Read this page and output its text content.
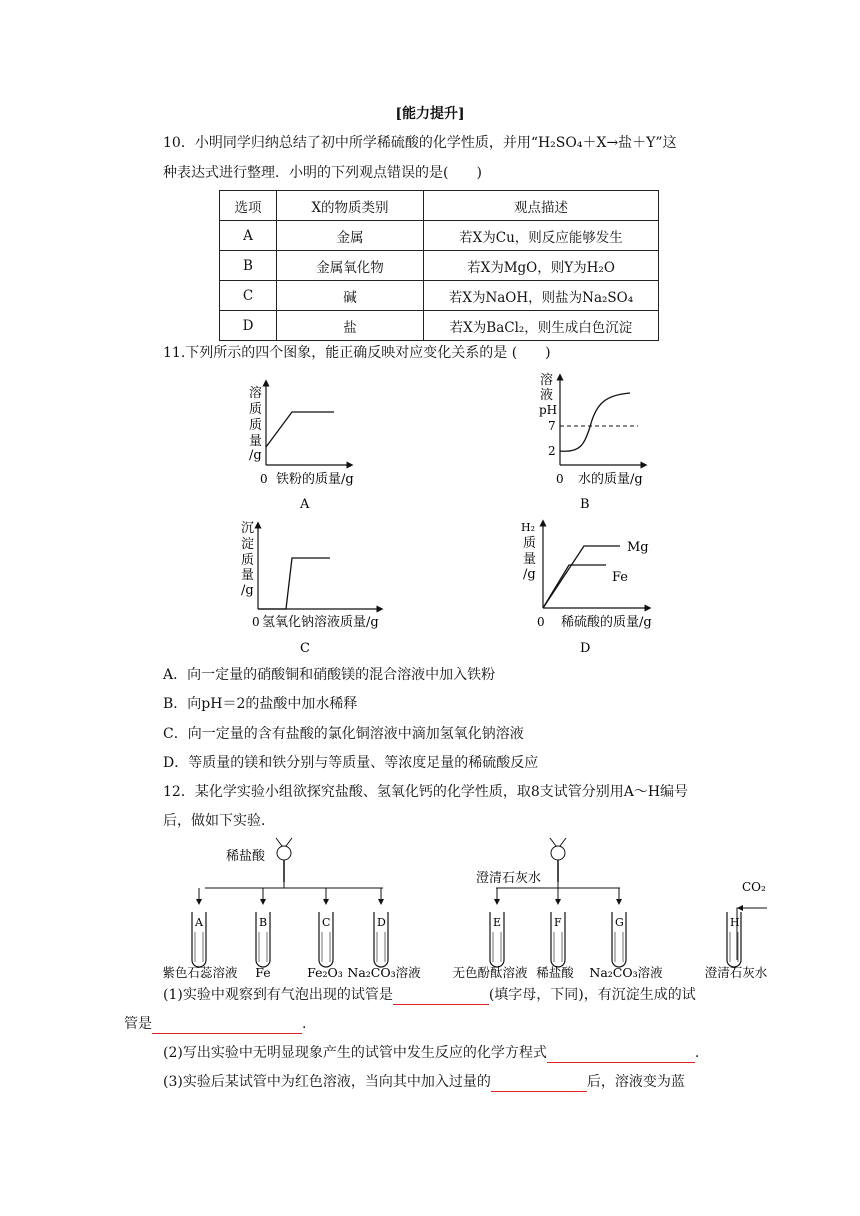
[能力提升]
10．小明同学归纳总结了初中所学稀硫酸的化学性质，并用“H₂SO₄＋X→盐＋Y”这
种表达式进行整理．小明的下列观点错误的是(　　)
选项	X的物质类别	观点描述
A	金属	若X为Cu，则反应能够发生
B	金属氧化物	若X为MgO，则Y为H₂O
C	碱	若X为NaOH，则盐为Na₂SO₄
D	盐	若X为BaCl₂，则生成白色沉淀
11.下列所示的四个图象，能正确反映对应变化关系的是 (　　)
溶
质
质
量
/g
0 铁粉的质量/g
A
溶
液
pH
7
2
0 水的质量/g
B
沉
淀
质
量
/g
0 氢氧化钠溶液质量/g
C
H₂
质
量
/g
Mg
Fe
0 稀硫酸的质量/g
D
A．向一定量的硝酸铜和硝酸镁的混合溶液中加入铁粉
B．向pH＝2的盐酸中加水稀释
C．向一定量的含有盐酸的氯化铜溶液中滴加氢氧化钠溶液
D．等质量的镁和铁分别与等质量、等浓度足量的稀硫酸反应
12．某化学实验小组欲探究盐酸、氢氧化钙的化学性质，取8支试管分别用A～H编号
后，做如下实验．
稀盐酸
澄清石灰水
CO₂
A
紫色石蕊溶液
B
Fe
C
Fe₂O₃
D
Na₂CO₃溶液
E
无色酚酞溶液
F
稀盐酸
G
Na₂CO₃溶液
H
澄清石灰水
(1)实验中观察到有气泡出现的试管是	(填字母，下同)，有沉淀生成的试
管是	.
(2)写出实验中无明显现象产生的试管中发生反应的化学方程式	.
(3)实验后某试管中为红色溶液，当向其中加入过量的	后，溶液变为蓝
